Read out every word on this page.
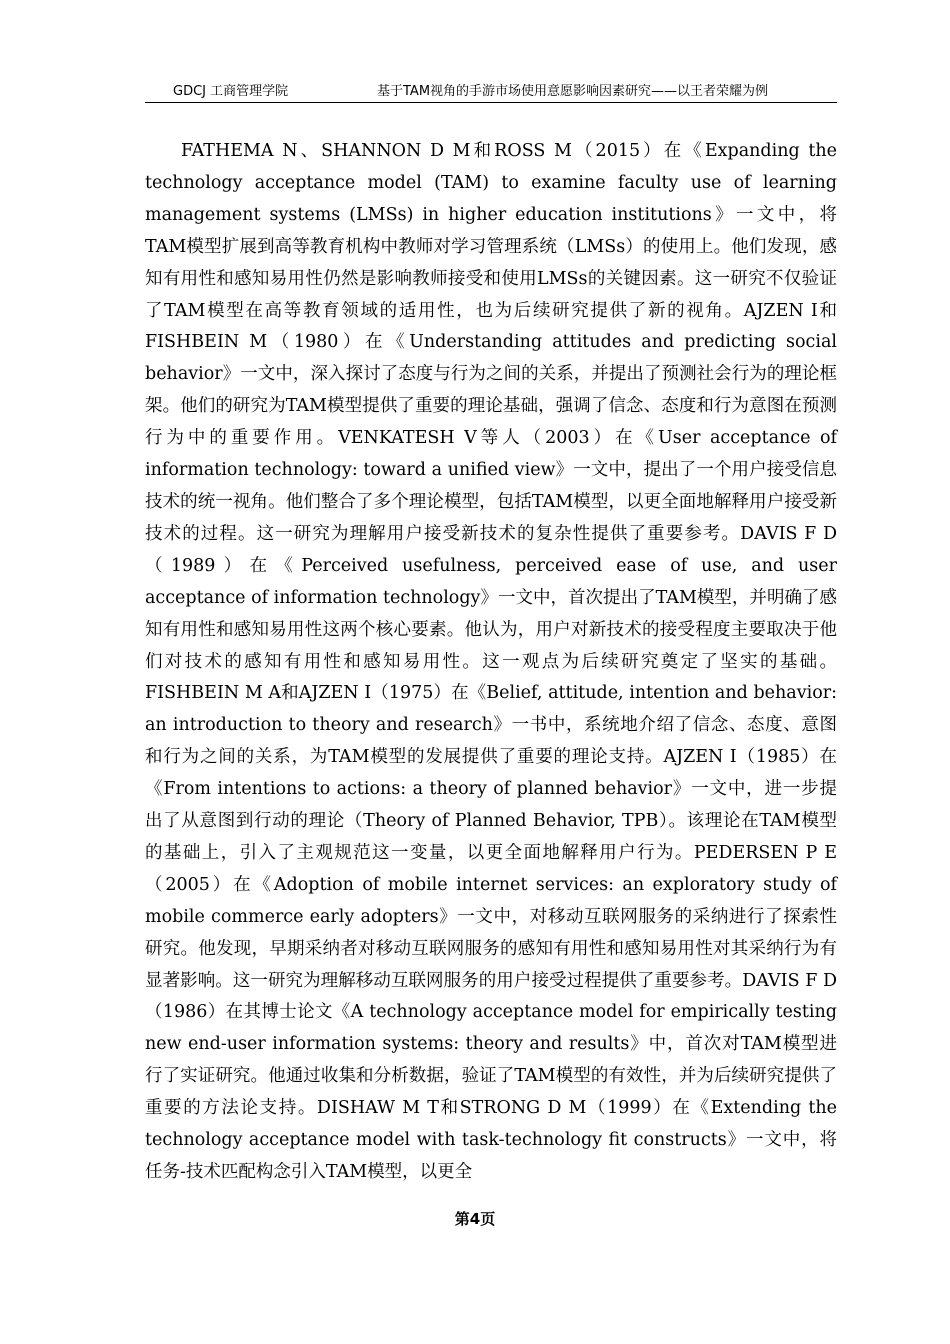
GDCJ 工商管理学院	基于TAM视角的手游市场使用意愿影响因素研究——以王者荣耀为例

FATHEMA N、SHANNON D M和ROSS M（2015）在《Expanding the technology acceptance model (TAM) to examine faculty use of learning management systems (LMSs) in higher education institutions》一文中，将TAM模型扩展到高等教育机构中教师对学习管理系统（LMSs）的使用上。他们发现，感知有用性和感知易用性仍然是影响教师接受和使用LMSs的关键因素。这一研究不仅验证了TAM模型在高等教育领域的适用性，也为后续研究提供了新的视角。AJZEN I和FISHBEIN M（1980）在《Understanding attitudes and predicting social behavior》一文中，深入探讨了态度与行为之间的关系，并提出了预测社会行为的理论框架。他们的研究为TAM模型提供了重要的理论基础，强调了信念、态度和行为意图在预测行为中的重要作用。VENKATESH V等人（2003）在《User acceptance of information technology: toward a unified view》一文中，提出了一个用户接受信息技术的统一视角。他们整合了多个理论模型，包括TAM模型，以更全面地解释用户接受新技术的过程。这一研究为理解用户接受新技术的复杂性提供了重要参考。DAVIS F D（1989）在《Perceived usefulness, perceived ease of use, and user acceptance of information technology》一文中，首次提出了TAM模型，并明确了感知有用性和感知易用性这两个核心要素。他认为，用户对新技术的接受程度主要取决于他们对技术的感知有用性和感知易用性。这一观点为后续研究奠定了坚实的基础。FISHBEIN M A和AJZEN I（1975）在《Belief, attitude, intention and behavior: an introduction to theory and research》一书中，系统地介绍了信念、态度、意图和行为之间的关系，为TAM模型的发展提供了重要的理论支持。AJZEN I（1985）在《From intentions to actions: a theory of planned behavior》一文中，进一步提出了从意图到行动的理论（Theory of Planned Behavior, TPB）。该理论在TAM模型的基础上，引入了主观规范这一变量，以更全面地解释用户行为。PEDERSEN P E（2005）在《Adoption of mobile internet services: an exploratory study of mobile commerce early adopters》一文中，对移动互联网服务的采纳进行了探索性研究。他发现，早期采纳者对移动互联网服务的感知有用性和感知易用性对其采纳行为有显著影响。这一研究为理解移动互联网服务的用户接受过程提供了重要参考。DAVIS F D（1986）在其博士论文《A technology acceptance model for empirically testing new end-user information systems: theory and results》中，首次对TAM模型进行了实证研究。他通过收集和分析数据，验证了TAM模型的有效性，并为后续研究提供了重要的方法论支持。DISHAW M T和STRONG D M（1999）在《Extending the technology acceptance model with task-technology fit constructs》一文中，将任务-技术匹配构念引入TAM模型，以更全

第4页
